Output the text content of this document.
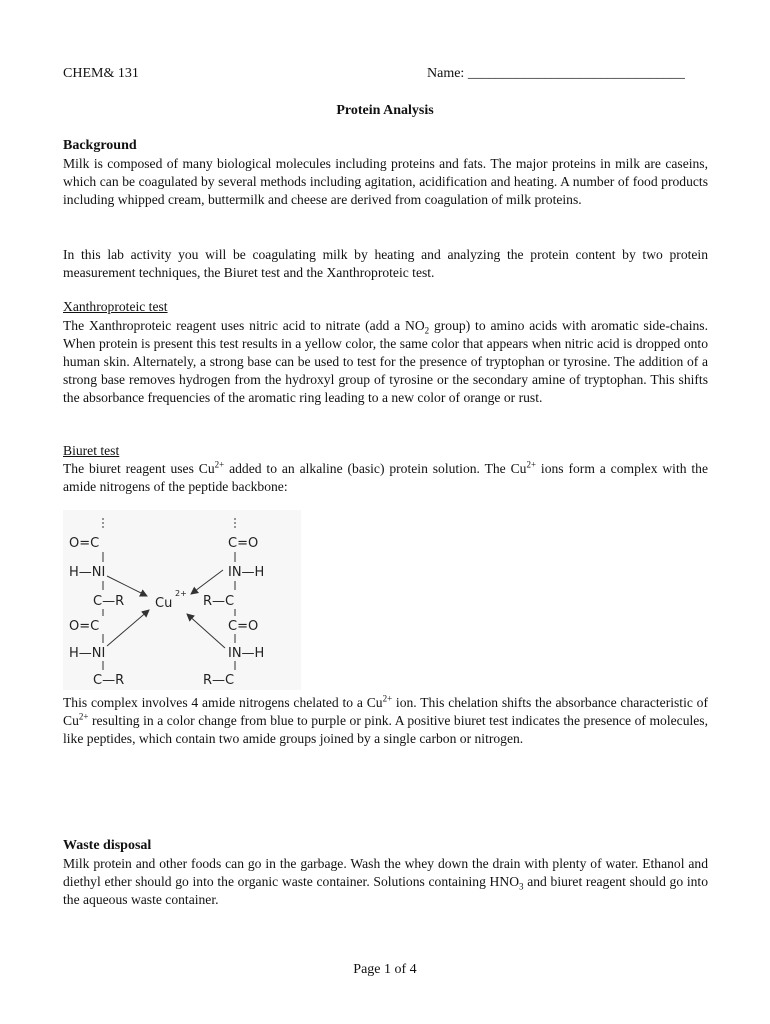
CHEM& 131	Name: _______________________________
Protein Analysis
Background

Milk is composed of many biological molecules including proteins and fats. The major proteins in milk are caseins, which can be coagulated by several methods including agitation, acidification and heating. A number of food products including whipped cream, buttermilk and cheese are derived from coagulation of milk proteins.

In this lab activity you will be coagulating milk by heating and analyzing the protein content by two protein measurement techniques, the Biuret test and the Xanthroproteic test.

Xanthroproteic test

The Xanthroproteic reagent uses nitric acid to nitrate (add a $NO_2$ group) to amino acids with aromatic side-chains. When protein is present this test results in a yellow color, the same color that appears when nitric acid is dropped onto human skin. Alternately, a strong base can be used to test for the presence of tryptophan or tyrosine. The addition of a strong base removes hydrogen from the hydroxyl group of tyrosine or the secondary amine of tryptophan. This shifts the absorbance frequencies of the aromatic ring leading to a new color of orange or rust.

Biuret test

The biuret reagent uses $Cu^{2+}$ added to an alkaline (basic) protein solution. The $Cu^{2+}$ ions form a complex with the amide nitrogens of the peptide backbone:

O=C
H—NI
C—R
O=C
H—NI
C—R
C=O
IN—H
R—C
C=O
IN—H
R—C
Cu
2+

This complex involves 4 amide nitrogens chelated to a $Cu^{2+}$ ion. This chelation shifts the absorbance characteristic of $Cu^{2+}$ resulting in a color change from blue to purple or pink. A positive biuret test indicates the presence of molecules, like peptides, which contain two amide groups joined by a single carbon or nitrogen.

Waste disposal

Milk protein and other foods can go in the garbage. Wash the whey down the drain with plenty of water. Ethanol and diethyl ether should go into the organic waste container. Solutions containing $HNO_3$ and biuret reagent should go into the aqueous waste container.

Page 1 of 4
